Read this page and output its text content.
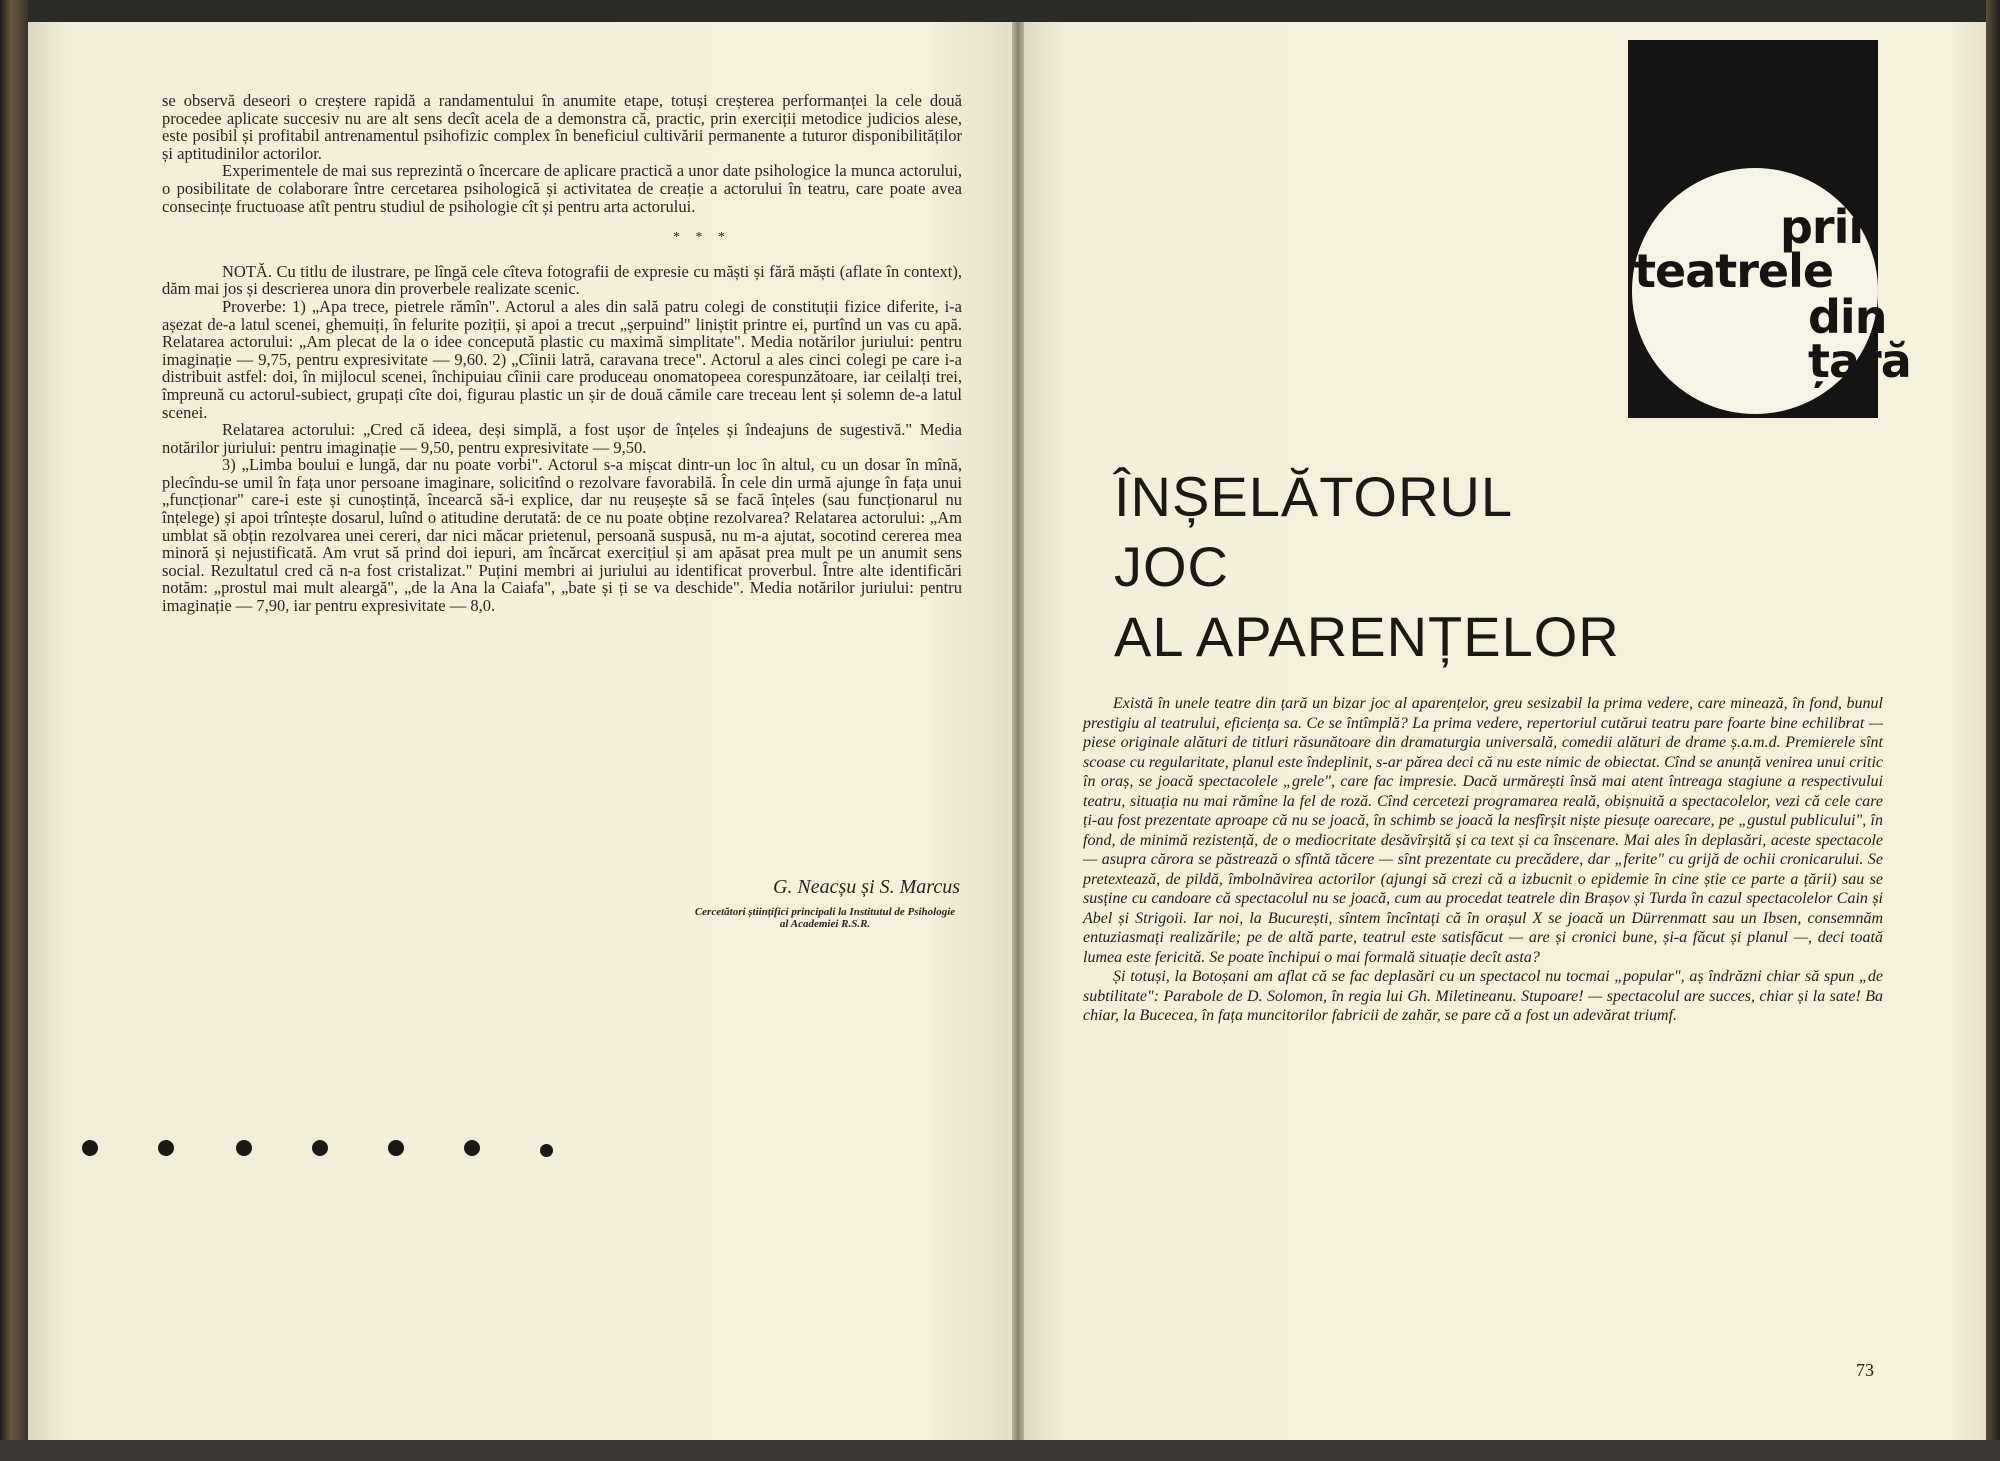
se observă deseori o creștere rapidă a randamentului în anumite etape, totuși creșterea performanței la cele două procedee aplicate succesiv nu are alt sens decît acela de a demonstra că, practic, prin exerciții metodice judicios alese, este posibil și profitabil antrenamentul psihofizic complex în beneficiul cultivării permanente a tuturor disponibilităților și aptitudinilor actorilor.

Experimentele de mai sus reprezintă o încercare de aplicare practică a unor date psihologice la munca actorului, o posibilitate de colaborare între cercetarea psihologică și activitatea de creație a actorului în teatru, care poate avea consecințe fructuoase atît pentru studiul de psihologie cît și pentru arta actorului.

* * *

NOTĂ. Cu titlu de ilustrare, pe lîngă cele cîteva fotografii de expresie cu măști și fără măști (aflate în context), dăm mai jos și descrierea unora din proverbele realizate scenic.

Proverbe: 1) „Apa trece, pietrele rămîn". Actorul a ales din sală patru colegi de constituții fizice diferite, i-a așezat de-a latul scenei, ghemuiți, în felurite poziții, și apoi a trecut „șerpuind" liniștit printre ei, purtînd un vas cu apă. Relatarea actorului: „Am plecat de la o idee concepută plastic cu maximă simplitate". Media notărilor juriului: pentru imaginație — 9,75, pentru expresivitate — 9,60. 2) „Cîinii latră, caravana trece". Actorul a ales cinci colegi pe care i-a distribuit astfel: doi, în mijlocul scenei, închipuiau cîinii care produceau onomatopeea corespunzătoare, iar ceilalți trei, împreună cu actorul-subiect, grupați cîte doi, figurau plastic un șir de două cămile care treceau lent și solemn de-a latul scenei.

Relatarea actorului: „Cred că ideea, deși simplă, a fost ușor de înțeles și îndeajuns de sugestivă." Media notărilor juriului: pentru imaginație — 9,50, pentru expresivitate — 9,50.

3) „Limba boului e lungă, dar nu poate vorbi". Actorul s-a mișcat dintr-un loc în altul, cu un dosar în mînă, plecîndu-se umil în fața unor persoane imaginare, solicitînd o rezolvare favorabilă. În cele din urmă ajunge în fața unui „funcționar" care-i este și cunoștință, încearcă să-i explice, dar nu reușește să se facă înțeles (sau funcționarul nu înțelege) și apoi trîntește dosarul, luînd o atitudine derutată: de ce nu poate obține rezolvarea? Relatarea actorului: „Am umblat să obțin rezolvarea unei cereri, dar nici măcar prietenul, persoană suspusă, nu m-a ajutat, socotind cererea mea minoră și nejustificată. Am vrut să prind doi iepuri, am încărcat exercițiul și am apăsat prea mult pe un anumit sens social. Rezultatul cred că n-a fost cristalizat." Puțini membri ai juriului au identificat proverbul. Între alte identificări notăm: „prostul mai mult aleargă", „de la Ana la Caiafa", „bate și ți se va deschide". Media notărilor juriului: pentru imaginație — 7,90, iar pentru expresivitate — 8,0.

G. Neacșu și S. Marcus
Cercetători științifici principali la Institutul de Psihologie al Academiei R.S.R.
prin
teatrele
din
țară
ÎNȘELĂTORUL
JOC
AL APARENȚELOR

Există în unele teatre din țară un bizar joc al aparențelor, greu sesizabil la prima vedere, care minează, în fond, bunul prestigiu al teatrului, eficiența sa. Ce se întîmplă? La prima vedere, repertoriul cutărui teatru pare foarte bine echilibrat — piese originale alături de titluri răsunătoare din dramaturgia universală, comedii alături de drame ș.a.m.d. Premierele sînt scoase cu regularitate, planul este îndeplinit, s-ar părea deci că nu este nimic de obiectat. Cînd se anunță venirea unui critic în oraș, se joacă spectacolele „grele", care fac impresie. Dacă urmărești însă mai atent întreaga stagiune a respectivului teatru, situația nu mai rămîne la fel de roză. Cînd cercetezi programarea reală, obișnuită a spectacolelor, vezi că cele care ți-au fost prezentate aproape că nu se joacă, în schimb se joacă la nesfîrșit niște piesuțe oarecare, pe „gustul publicului", în fond, de minimă rezistență, de o mediocritate desăvîrșită și ca text și ca înscenare. Mai ales în deplasări, aceste spectacole — asupra cărora se păstrează o sfîntă tăcere — sînt prezentate cu precădere, dar „ferite" cu grijă de ochii cronicarului. Se pretextează, de pildă, îmbolnăvirea actorilor (ajungi să crezi că a izbucnit o epidemie în cine știe ce parte a țării) sau se susține cu candoare că spectacolul nu se joacă, cum au procedat teatrele din Brașov și Turda în cazul spectacolelor Cain și Abel și Strigoii. Iar noi, la București, sîntem încîntați că în orașul X se joacă un Dürrenmatt sau un Ibsen, consemnăm entuziasmați realizările; pe de altă parte, teatrul este satisfăcut — are și cronici bune, și-a făcut și planul —, deci toată lumea este fericită. Se poate închipui o mai formală situație decît asta?

Și totuși, la Botoșani am aflat că se fac deplasări cu un spectacol nu tocmai „popular", aș îndrăzni chiar să spun „de subtilitate": Parabole de D. Solomon, în regia lui Gh. Miletineanu. Stupoare! — spectacolul are succes, chiar și la sate! Ba chiar, la Bucecea, în fața muncitorilor fabricii de zahăr, se pare că a fost un adevărat triumf.

73
